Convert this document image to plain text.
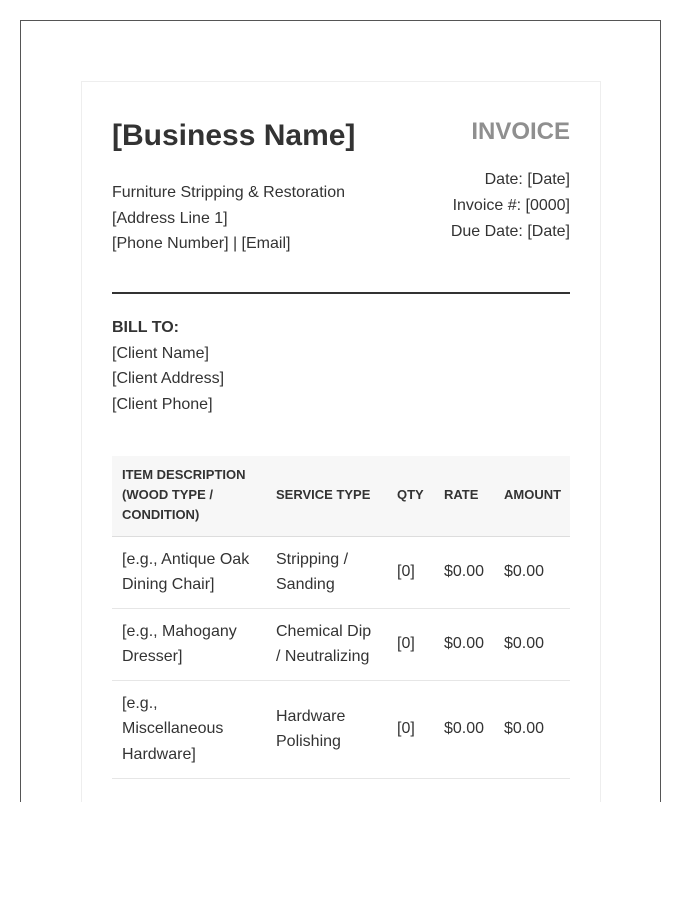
[Business Name]
Furniture Stripping & Restoration
[Address Line 1]
[Phone Number] | [Email]
INVOICE
Date: [Date]
Invoice #: [0000]
Due Date: [Date]
BILL TO:
[Client Name]
[Client Address]
[Client Phone]
ITEM DESCRIPTION (WOOD TYPE / CONDITION)	SERVICE TYPE	QTY	RATE	AMOUNT
[e.g., Antique Oak Dining Chair]	Stripping / Sanding	[0]	$0.00	$0.00
[e.g., Mahogany Dresser]	Chemical Dip / Neutralizing	[0]	$0.00	$0.00
[e.g., Miscellaneous Hardware]	Hardware Polishing	[0]	$0.00	$0.00
